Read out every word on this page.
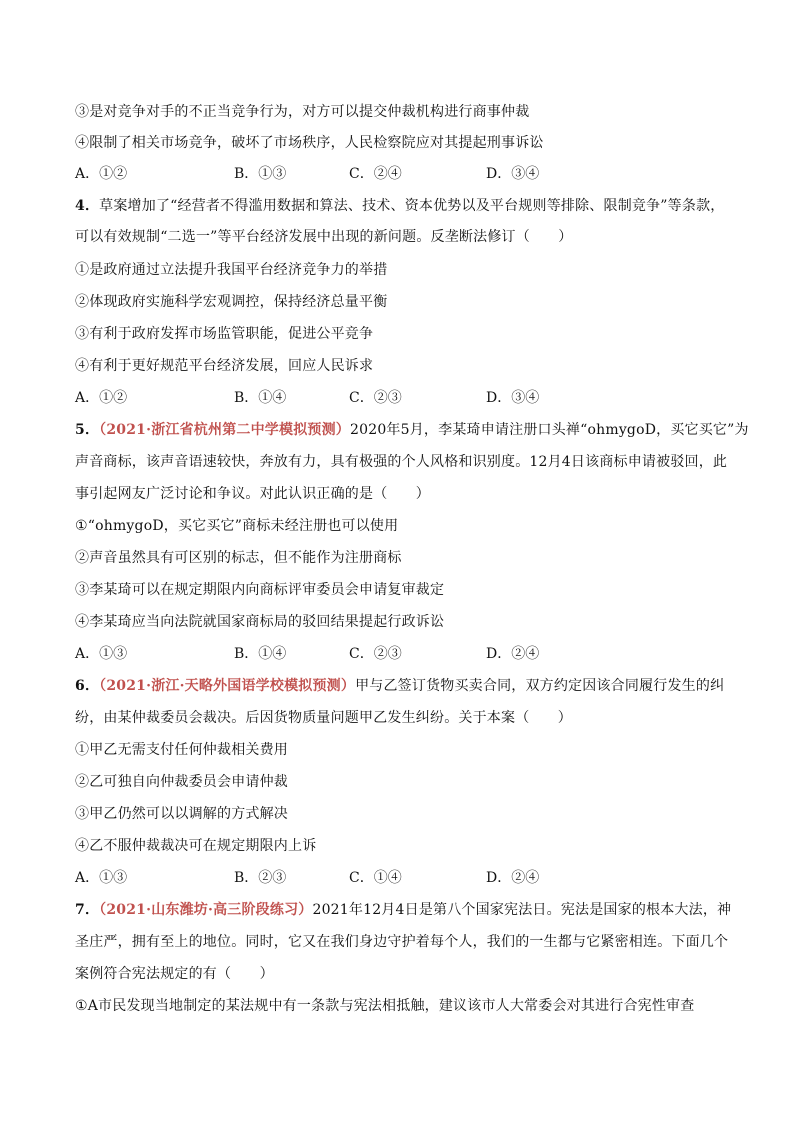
③是对竞争对手的不正当竞争行为，对方可以提交仲裁机构进行商事仲裁
④限制了相关市场竞争，破坏了市场秩序，人民检察院应对其提起刑事诉讼
A．①②	B．①③	C．②④	D．③④
4．草案增加了“经营者不得滥用数据和算法、技术、资本优势以及平台规则等排除、限制竞争”等条款，
可以有效规制“二选一”等平台经济发展中出现的新问题。反垄断法修订（　　）
①是政府通过立法提升我国平台经济竞争力的举措
②体现政府实施科学宏观调控，保持经济总量平衡
③有利于政府发挥市场监管职能，促进公平竞争
④有利于更好规范平台经济发展，回应人民诉求
A．①②	B．①④	C．②③	D．③④
5．（2021·浙江省杭州第二中学模拟预测）2020年5月，李某琦申请注册口头禅“ohmygoD，买它买它”为
声音商标，该声音语速较快，奔放有力，具有极强的个人风格和识别度。12月4日该商标申请被驳回，此
事引起网友广泛讨论和争议。对此认识正确的是（　　）
①“ohmygoD，买它买它”商标未经注册也可以使用
②声音虽然具有可区别的标志，但不能作为注册商标
③李某琦可以在规定期限内向商标评审委员会申请复审裁定
④李某琦应当向法院就国家商标局的驳回结果提起行政诉讼
A．①③	B．①④	C．②③	D．②④
6．（2021·浙江·天略外国语学校模拟预测）甲与乙签订货物买卖合同，双方约定因该合同履行发生的纠
纷，由某仲裁委员会裁决。后因货物质量问题甲乙发生纠纷。关于本案（　　）
①甲乙无需支付任何仲裁相关费用
②乙可独自向仲裁委员会申请仲裁
③甲乙仍然可以以调解的方式解决
④乙不服仲裁裁决可在规定期限内上诉
A．①③	B．②③	C．①④	D．②④
7．（2021·山东潍坊·高三阶段练习）2021年12月4日是第八个国家宪法日。宪法是国家的根本大法，神
圣庄严，拥有至上的地位。同时，它又在我们身边守护着每个人，我们的一生都与它紧密相连。下面几个
案例符合宪法规定的有（　　）
①A市民发现当地制定的某法规中有一条款与宪法相抵触，建议该市人大常委会对其进行合宪性审查
